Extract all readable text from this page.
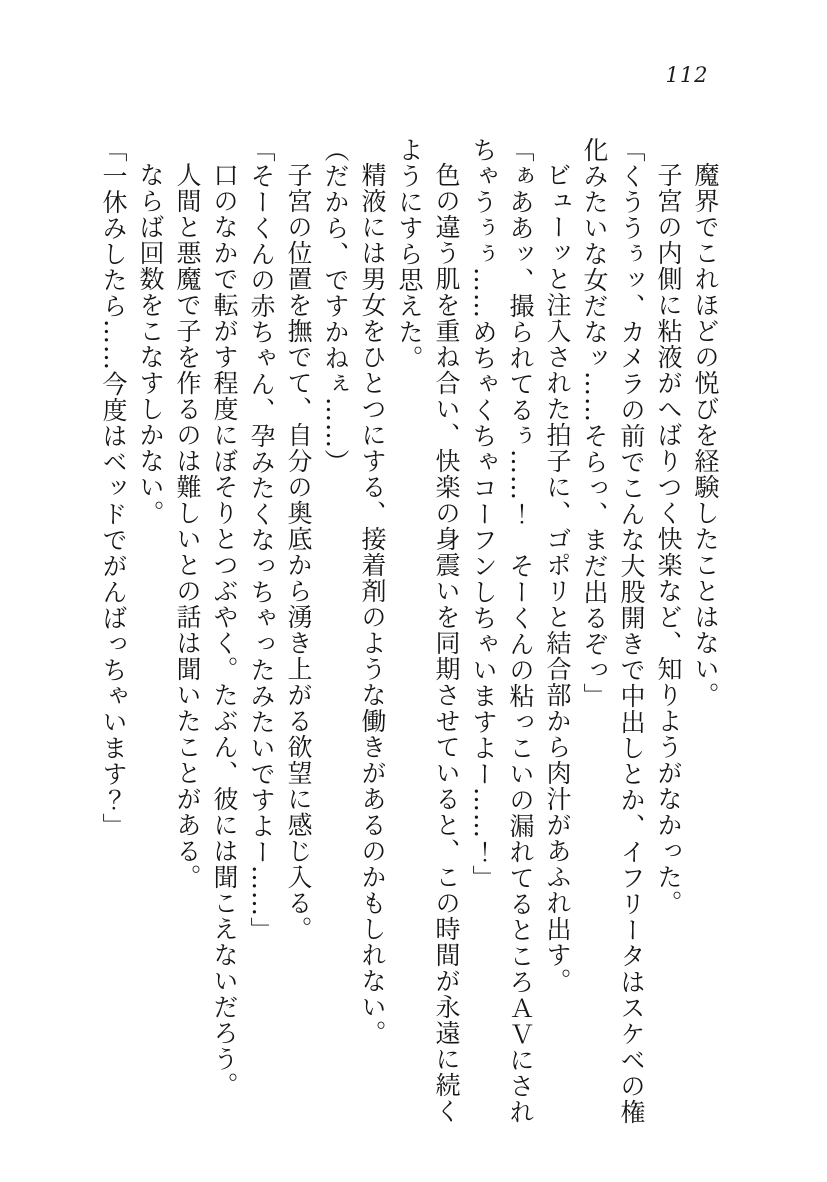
112
魔界でこれほどの悦びを経験したことはない。
子宮の内側に粘液がへばりつく快楽など、知りようがなかった。
「くううぅッ、カメラの前でこんな大股開きで中出しとか、イフリータはスケベの権
化みたいな女だなッ……そらっ、まだ出るぞっ」
ビューッと注入された拍子に、ゴポリと結合部から肉汁があふれ出す。
「ぁああッ、撮られてるぅ……！　そーくんの粘っこいの漏れてるところＡＶにされ
ちゃうぅぅ……めちゃくちゃコーフンしちゃいますよー……！」
色の違う肌を重ね合い、快楽の身震いを同期させていると、この時間が永遠に続く
ようにすら思えた。
精液には男女をひとつにする、接着剤のような働きがあるのかもしれない。
（だから、ですかねぇ……）
子宮の位置を撫でて、自分の奥底から湧き上がる欲望に感じ入る。
「そーくんの赤ちゃん、孕みたくなっちゃったみたいですよー……」
口のなかで転がす程度にぼそりとつぶやく。たぶん、彼には聞こえないだろう。
人間と悪魔で子を作るのは難しいとの話は聞いたことがある。
ならば回数をこなすしかない。
「一休みしたら……今度はベッドでがんばっちゃいます？」
